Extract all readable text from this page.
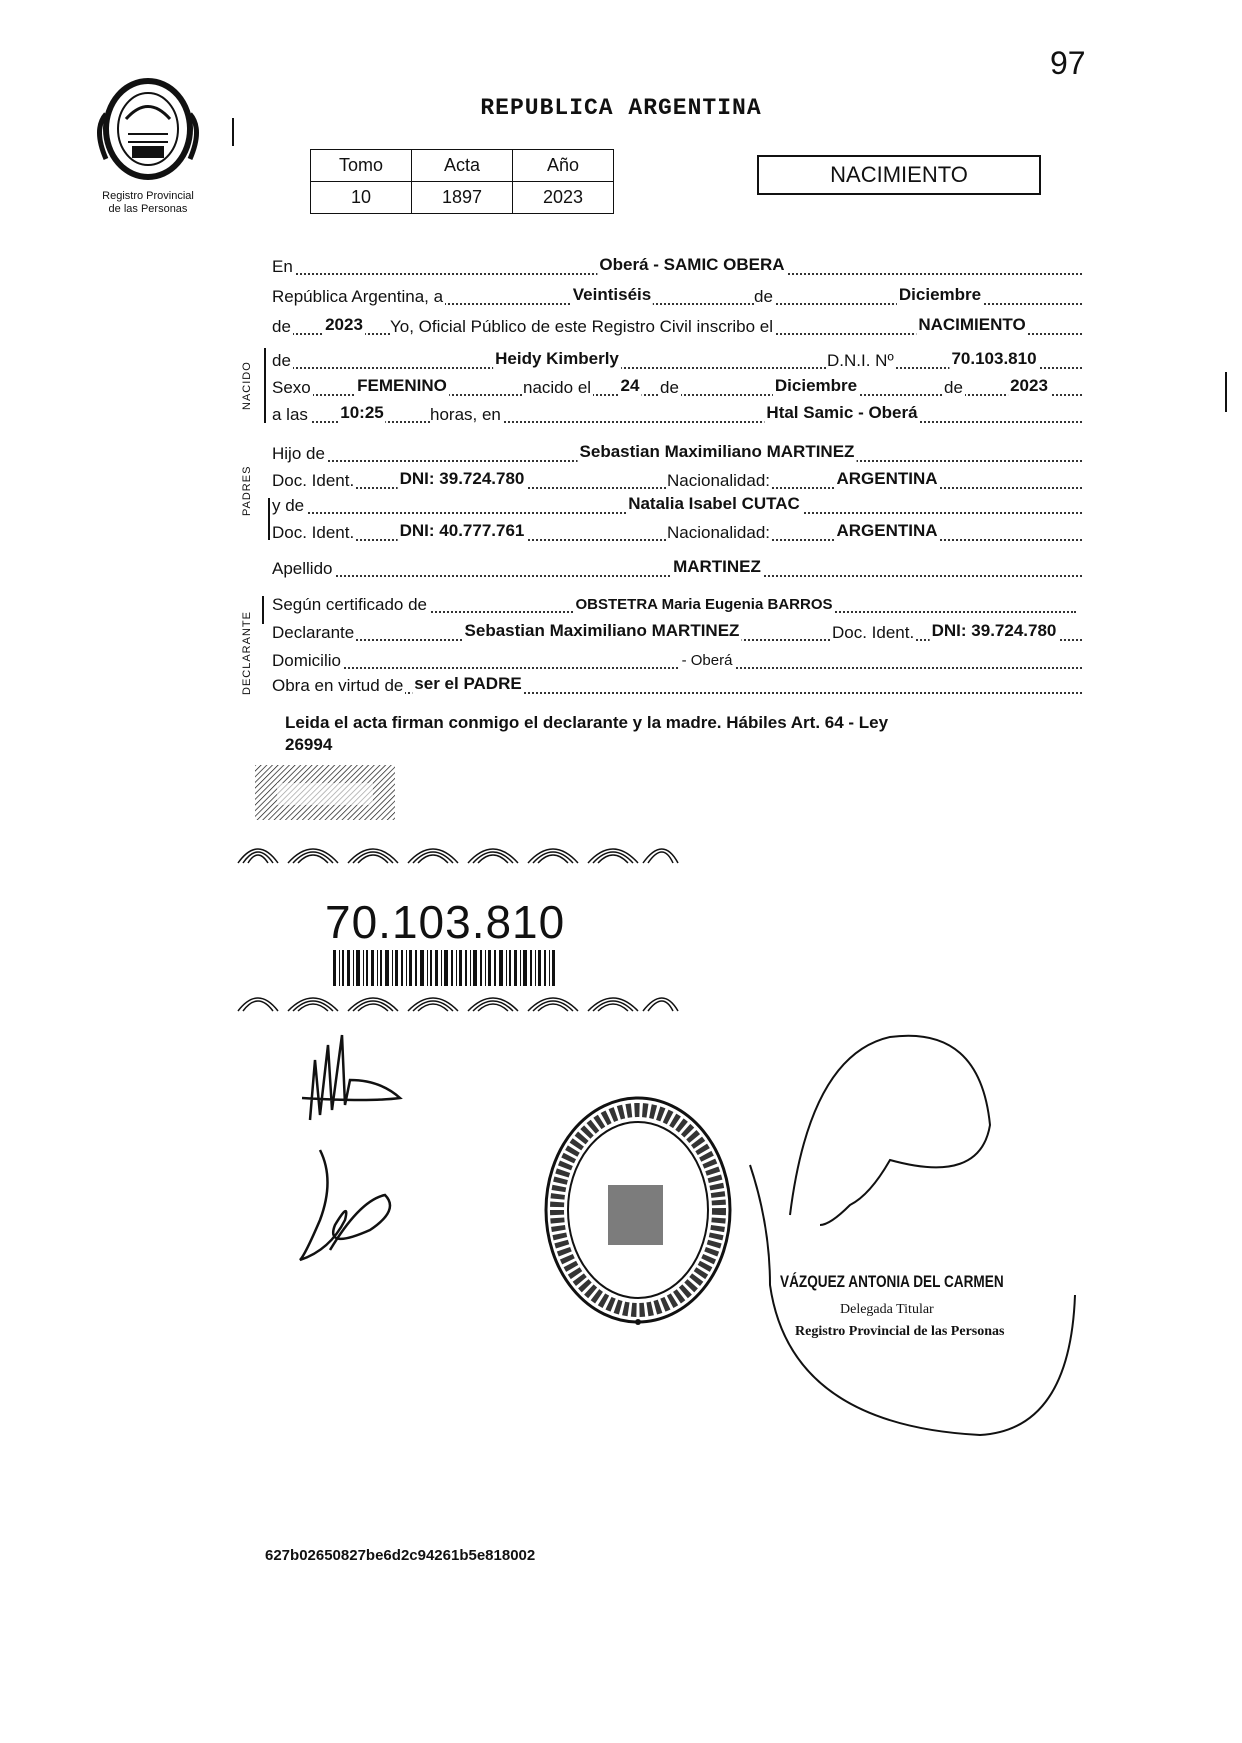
97
REPUBLICA ARGENTINA
Registro Provincial
de las Personas
Tomo	Acta	Año
10	1897	2023
NACIMIENTO
NACIDO
PADRES
DECLARANTE
En	Oberá - SAMIC OBERA
República Argentina, a	Veintiséis	de	Diciembre
de 2023 Yo, Oficial Público de este Registro Civil inscribo el	NACIMIENTO
de	Heidy Kimberly	D.N.I. Nº	70.103.810
Sexo	FEMENINO	nacido el 24 de	Diciembre	de	2023
a las 10:25	horas, en	Htal Samic - Oberá
Hijo de	Sebastian Maximiliano MARTINEZ
Doc. Ident.	DNI: 39.724.780	Nacionalidad:	ARGENTINA
y de	Natalia Isabel CUTAC
Doc. Ident.	DNI: 40.777.761	Nacionalidad:	ARGENTINA
Apellido	MARTINEZ
Según certificado de	OBSTETRA Maria Eugenia BARROS
Declarante	Sebastian Maximiliano MARTINEZ	Doc. Ident. DNI: 39.724.780
Domicilio	- Oberá
Obra en virtud de ser el PADRE
Leida el acta firman conmigo el declarante y la madre. Hábiles Art. 64 - Ley
26994
70.103.810
VÁZQUEZ ANTONIA DEL CARMEN
Delegada Titular
Registro Provincial de las Personas
627b02650827be6d2c94261b5e818002
